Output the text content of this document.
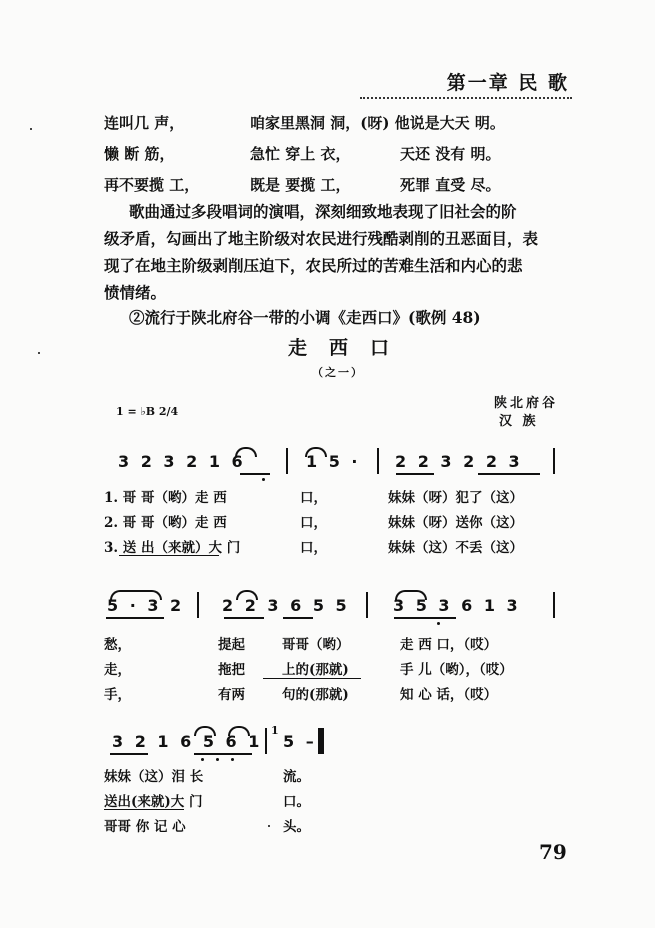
第一章 民 歌
连叫几 声，	咱家里黑洞 洞，(呀) 他说是大天 明。
懒 断 筋，	急忙 穿上 衣，	天还 没有 明。
再不要揽 工，	既是 要揽 工，	死罪 直受 尽。
歌曲通过多段唱词的演唱，深刻细致地表现了旧社会的阶
级矛盾，勾画出了地主阶级对农民进行残酷剥削的丑恶面目，表
现了在地主阶级剥削压迫下，农民所过的苦难生活和内心的悲
愤情绪。
②流行于陕北府谷一带的小调《走西口》(歌例 48)
走西口
（之一）
陕北府谷
汉 族
1 = ♭B 2/4
3 2 3 2 1 6	1 5 · 2 2 3 2 2 3
1. 哥 哥（哟）走 西	口，	妹妹（呀）犯了（这）
2. 哥 哥（哟）走 西	口，	妹妹（呀）送你（这）
3. 送 出（来就）大 门	口，	妹妹（这）不丢（这）
5 · 3 2 2 2 3 6 5 5	3 5 3 6 1 3
愁，	提起	哥哥（哟）	走 西 口，（哎）
走，	拖把	上的(那就)	手 儿（哟），（哎）
手，	有两	句的(那就)	知 心 话，（哎）
3 2 1 6 5 6 1
1
5 –
妹妹（这）泪 长	流。
送出(来就)大 门	口。
哥哥 你 记 心	头。
79
